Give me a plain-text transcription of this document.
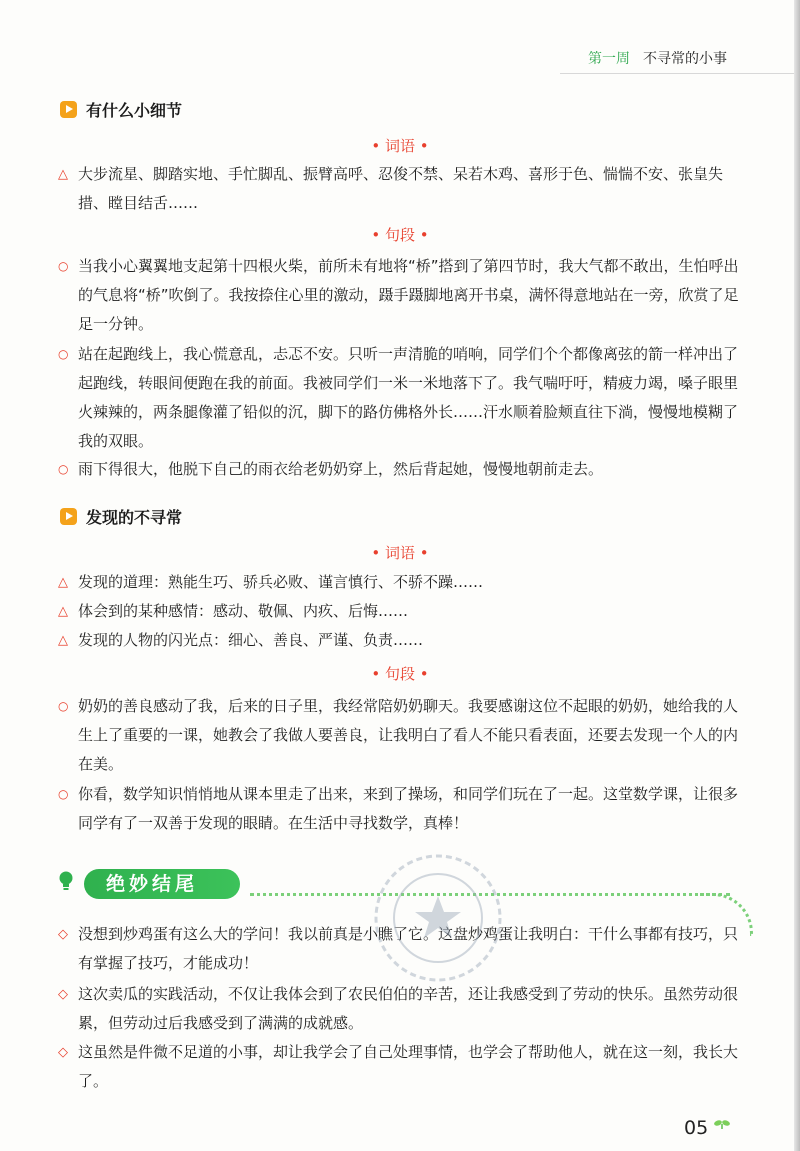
第一周 不寻常的小事
有什么小细节
• 词语 •
△ 大步流星、脚踏实地、手忙脚乱、振臂高呼、忍俊不禁、呆若木鸡、喜形于色、惴惴不安、张皇失措、瞠目结舌……
• 句段 •
○ 当我小心翼翼地支起第十四根火柴，前所未有地将“桥”搭到了第四节时，我大气都不敢出，生怕呼出的气息将“桥”吹倒了。我按捺住心里的激动，蹑手蹑脚地离开书桌，满怀得意地站在一旁，欣赏了足足一分钟。
○ 站在起跑线上，我心慌意乱，忐忑不安。只听一声清脆的哨响，同学们个个都像离弦的箭一样冲出了起跑线，转眼间便跑在我的前面。我被同学们一米一米地落下了。我气喘吁吁，精疲力竭，嗓子眼里火辣辣的，两条腿像灌了铅似的沉，脚下的路仿佛格外长……汗水顺着脸颊直往下淌，慢慢地模糊了我的双眼。
○ 雨下得很大，他脱下自己的雨衣给老奶奶穿上，然后背起她，慢慢地朝前走去。
发现的不寻常
• 词语 •
△ 发现的道理：熟能生巧、骄兵必败、谨言慎行、不骄不躁……
△ 体会到的某种感情：感动、敬佩、内疚、后悔……
△ 发现的人物的闪光点：细心、善良、严谨、负责……
• 句段 •
○ 奶奶的善良感动了我，后来的日子里，我经常陪奶奶聊天。我要感谢这位不起眼的奶奶，她给我的人生上了重要的一课，她教会了我做人要善良，让我明白了看人不能只看表面，还要去发现一个人的内在美。
○ 你看，数学知识悄悄地从课本里走了出来，来到了操场，和同学们玩在了一起。这堂数学课，让很多同学有了一双善于发现的眼睛。在生活中寻找数学，真棒！
绝妙结尾
◇ 没想到炒鸡蛋有这么大的学问！我以前真是小瞧了它。这盘炒鸡蛋让我明白：干什么事都有技巧，只有掌握了技巧，才能成功！
◇ 这次卖瓜的实践活动，不仅让我体会到了农民伯伯的辛苦，还让我感受到了劳动的快乐。虽然劳动很累，但劳动过后我感受到了满满的成就感。
◇ 这虽然是件微不足道的小事，却让我学会了自己处理事情，也学会了帮助他人，就在这一刻，我长大了。
05
